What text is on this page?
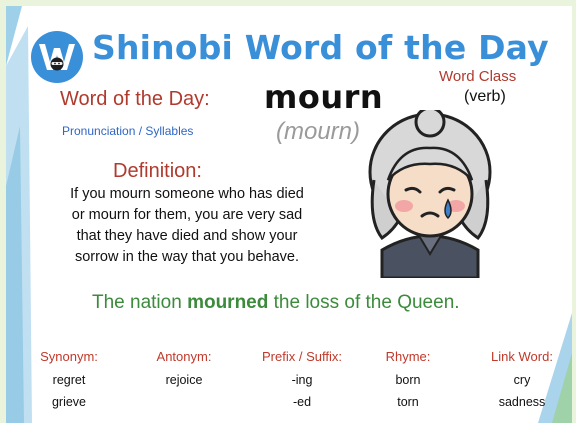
Shinobi Word of the Day
Word of the Day: mourn
(mourn)
Pronunciation / Syllables
Word Class
(verb)
Definition:

If you mourn someone who has died
or mourn for them, you are very sad
that they have died and show your
sorrow in the way that you behave.

The nation mourned the loss of the Queen.
Synonym:
regret
grieve
Antonym:
rejoice
Prefix / Suffix:
-ing
-ed
Rhyme:
born
torn
Link Word:
cry
sadness
